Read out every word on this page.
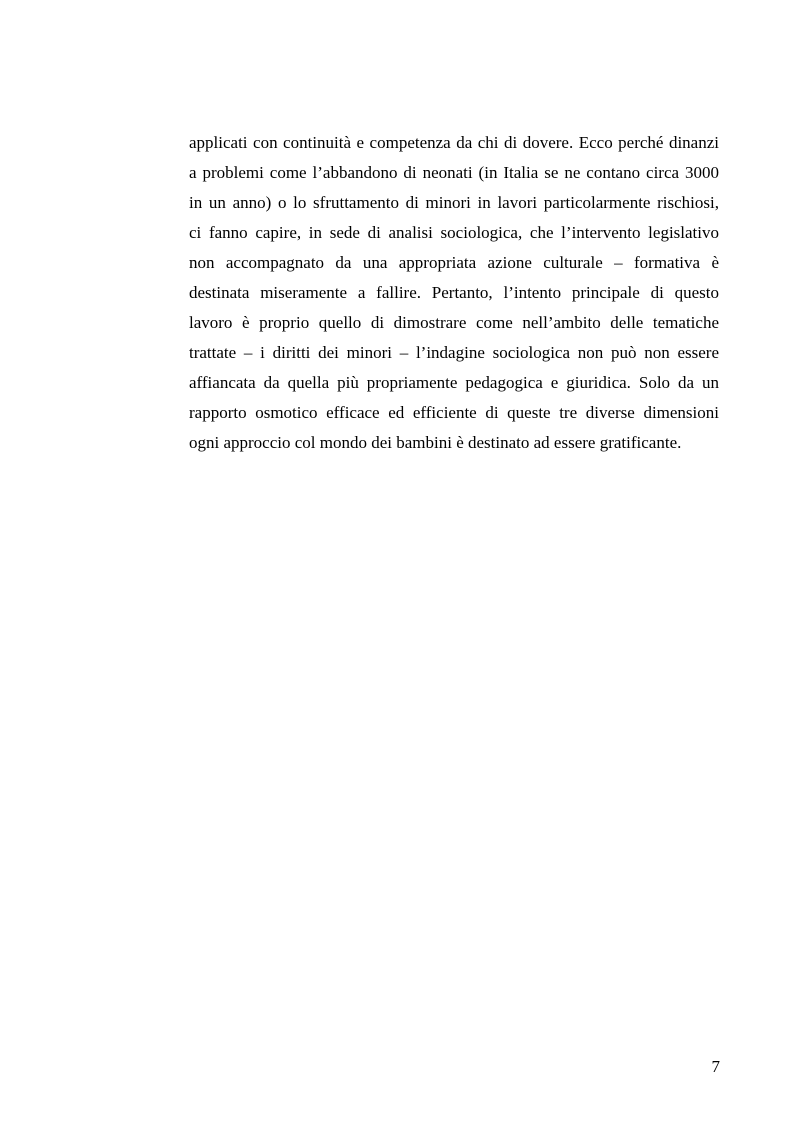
applicati con continuità e competenza da chi di dovere. Ecco perché dinanzi
a problemi come l’abbandono di neonati (in Italia se ne contano circa 3000
in un anno) o lo sfruttamento di minori in lavori particolarmente rischiosi,
ci fanno capire, in sede di analisi sociologica, che l’intervento legislativo
non accompagnato da una appropriata azione culturale – formativa è
destinata miseramente a fallire. Pertanto, l’intento principale di questo
lavoro è proprio quello di dimostrare come nell’ambito delle tematiche
trattate – i diritti dei minori – l’indagine sociologica non può non essere
affiancata da quella più propriamente pedagogica e giuridica. Solo da un
rapporto osmotico efficace ed efficiente di queste tre diverse dimensioni
ogni approccio col mondo dei bambini è destinato ad essere gratificante.
7
